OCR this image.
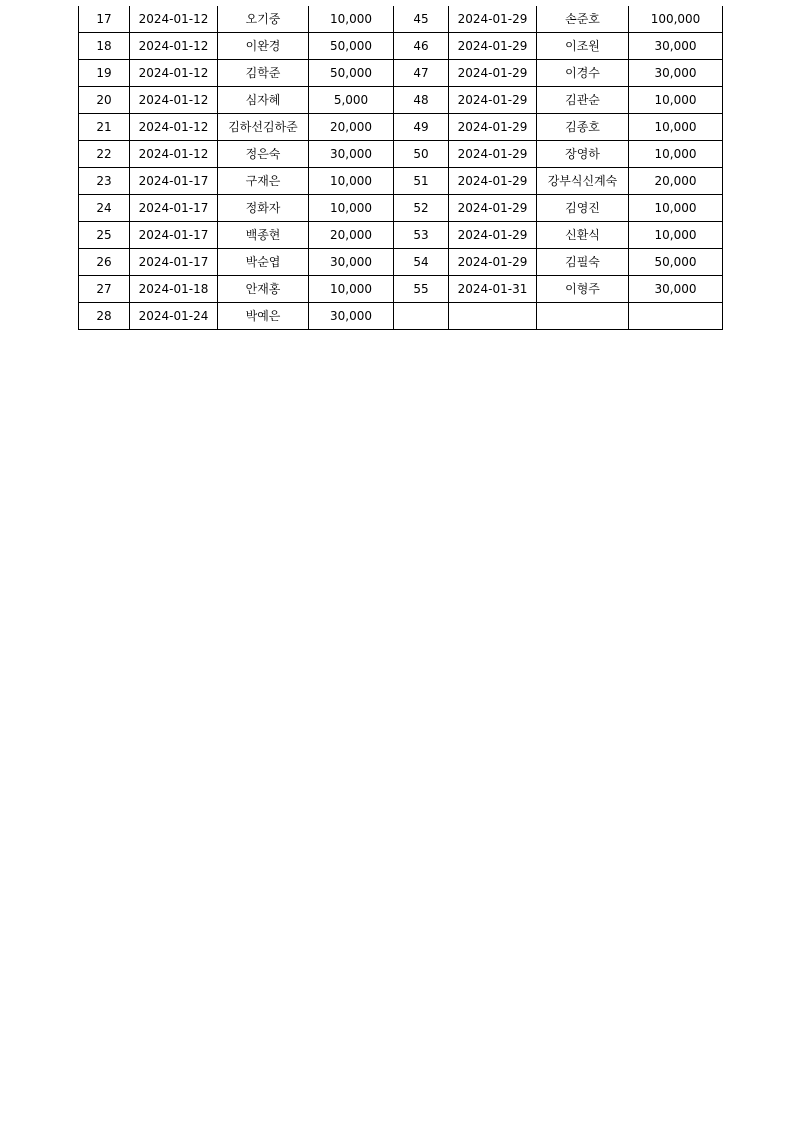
17	2024-01-12	오기중	10,000	45	2024-01-29	손준호	100,000
18	2024-01-12	이완경	50,000	46	2024-01-29	이조원	30,000
19	2024-01-12	김학준	50,000	47	2024-01-29	이경수	30,000
20	2024-01-12	심자혜	5,000	48	2024-01-29	김관순	10,000
21	2024-01-12	김하선김하준	20,000	49	2024-01-29	김종호	10,000
22	2024-01-12	정은숙	30,000	50	2024-01-29	장영하	10,000
23	2024-01-17	구재은	10,000	51	2024-01-29	강부식신계숙	20,000
24	2024-01-17	정화자	10,000	52	2024-01-29	김영진	10,000
25	2024-01-17	백종현	20,000	53	2024-01-29	신환식	10,000
26	2024-01-17	박순엽	30,000	54	2024-01-29	김필숙	50,000
27	2024-01-18	안재홍	10,000	55	2024-01-31	이형주	30,000
28	2024-01-24	박예은	30,000				
